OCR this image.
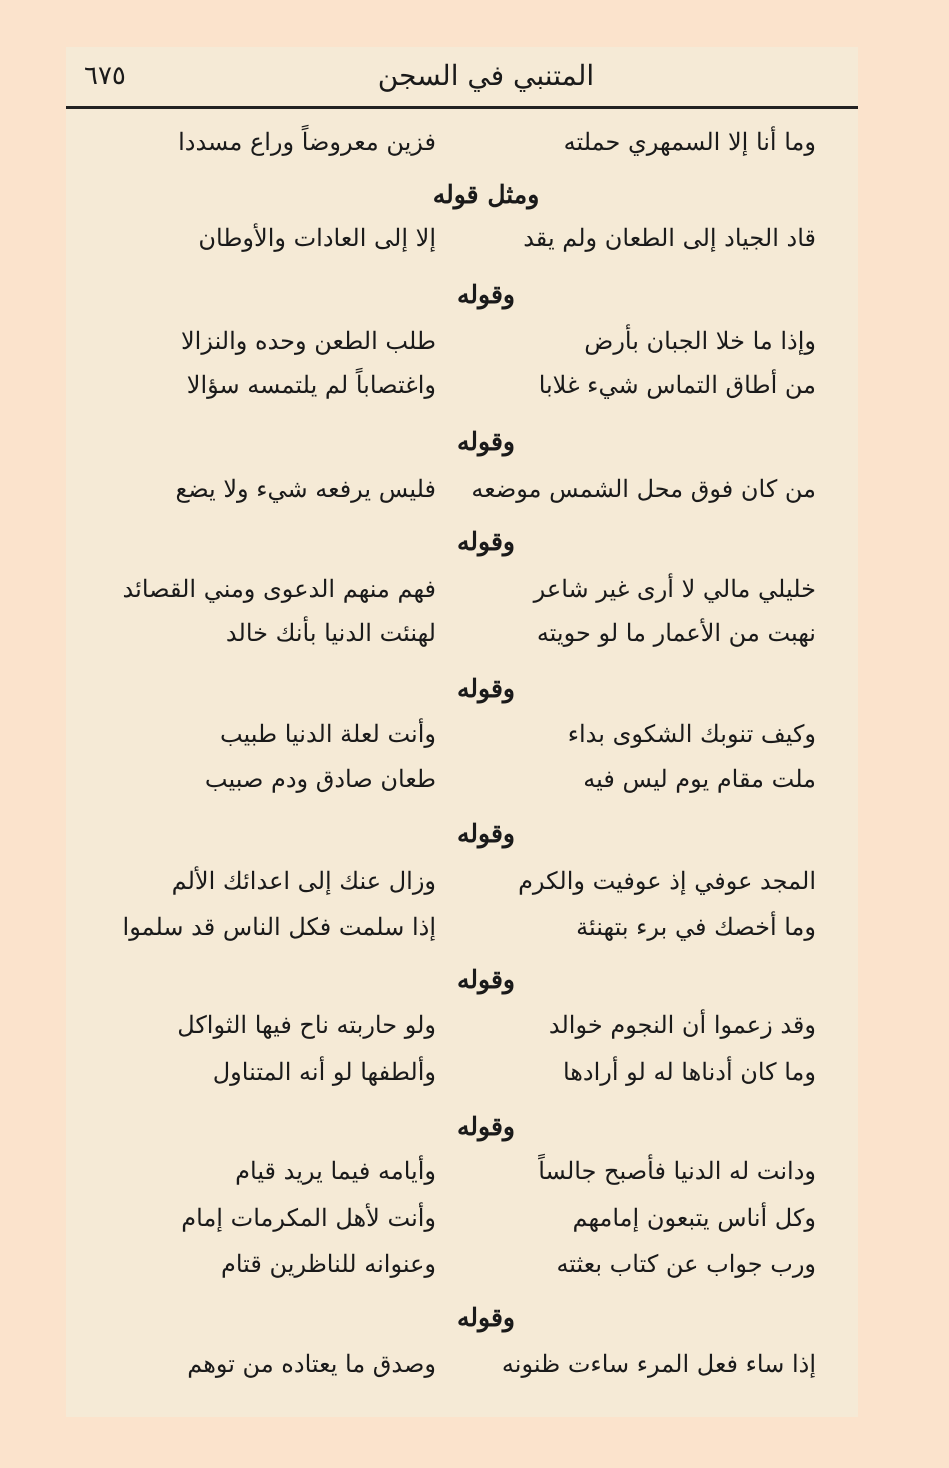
٦٧٥	المتنبي في السجن
وما أنا إلا السمهري حملته
فزين معروضاً وراع مسددا
ومثل قوله
قاد الجياد إلى الطعان ولم يقد
إلا إلى العادات والأوطان
وقوله
وإذا ما خلا الجبان بأرض
طلب الطعن وحده والنزالا
من أطاق التماس شيء غلابا
واغتصاباً لم يلتمسه سؤالا
وقوله
من كان فوق محل الشمس موضعه
فليس يرفعه شيء ولا يضع
وقوله
خليلي مالي لا أرى غير شاعر
فهم منهم الدعوى ومني القصائد
نهبت من الأعمار ما لو حويته
لهنئت الدنيا بأنك خالد
وقوله
وكيف تنوبك الشكوى بداء
وأنت لعلة الدنيا طبيب
ملت مقام يوم ليس فيه
طعان صادق ودم صبيب
وقوله
المجد عوفي إذ عوفيت والكرم
وزال عنك إلى اعدائك الألم
وما أخصك في برء بتهنئة
إذا سلمت فكل الناس قد سلموا
وقوله
وقد زعموا أن النجوم خوالد
ولو حاربته ناح فيها الثواكل
وما كان أدناها له لو أرادها
وألطفها لو أنه المتناول
وقوله
ودانت له الدنيا فأصبح جالساً
وأيامه فيما يريد قيام
وكل أناس يتبعون إمامهم
وأنت لأهل المكرمات إمام
ورب جواب عن كتاب بعثته
وعنوانه للناظرين قتام
وقوله
إذا ساء فعل المرء ساءت ظنونه
وصدق ما يعتاده من توهم
